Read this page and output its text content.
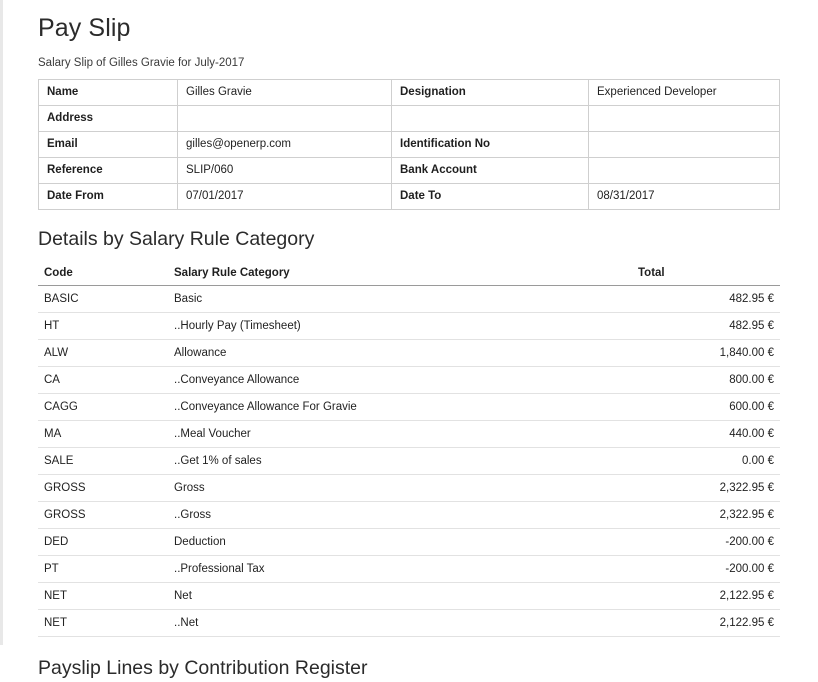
Pay Slip
Salary Slip of Gilles Gravie for July-2017
Name	Gilles Gravie	Designation	Experienced Developer
Address			
Email	gilles@openerp.com	Identification No	
Reference	SLIP/060	Bank Account	
Date From	07/01/2017	Date To	08/31/2017
Details by Salary Rule Category
Code	Salary Rule Category	Total
BASIC	Basic	482.95 €
HT	..Hourly Pay (Timesheet)	482.95 €
ALW	Allowance	1,840.00 €
CA	..Conveyance Allowance	800.00 €
CAGG	..Conveyance Allowance For Gravie	600.00 €
MA	..Meal Voucher	440.00 €
SALE	..Get 1% of sales	0.00 €
GROSS	Gross	2,322.95 €
GROSS	..Gross	2,322.95 €
DED	Deduction	-200.00 €
PT	..Professional Tax	-200.00 €
NET	Net	2,122.95 €
NET	..Net	2,122.95 €
Payslip Lines by Contribution Register
